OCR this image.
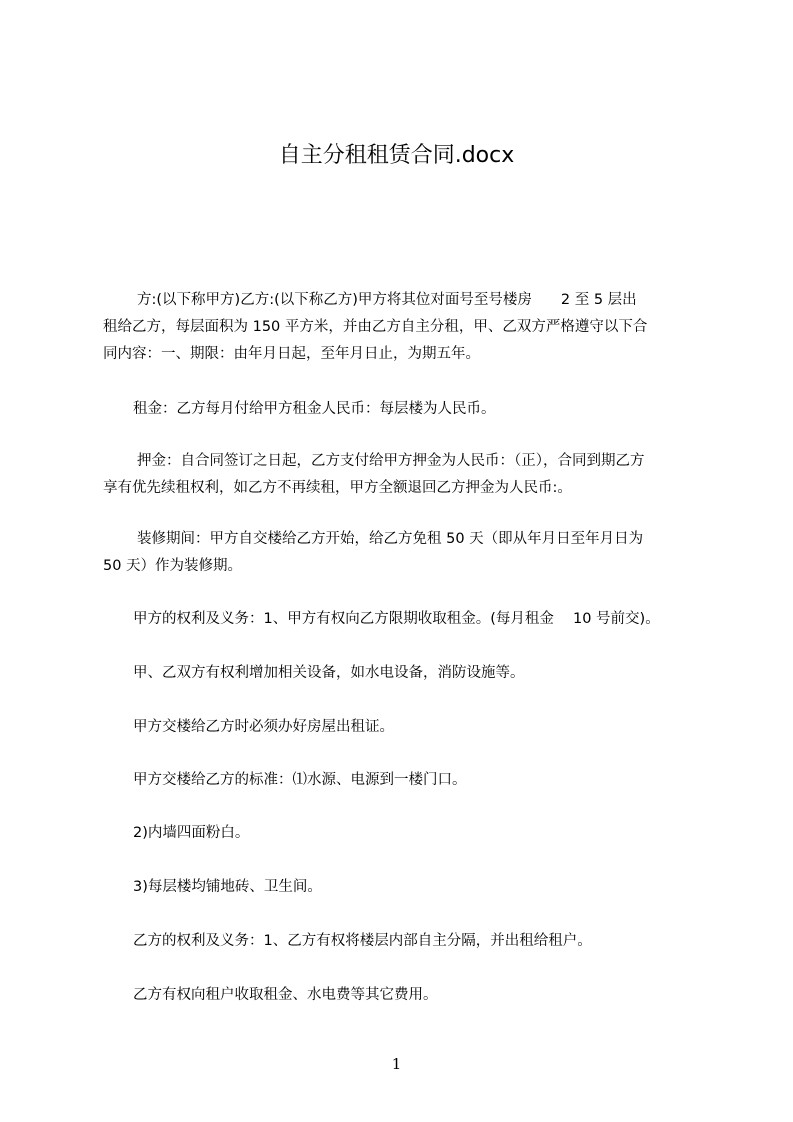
自主分租租赁合同.docx
方:(以下称甲方)乙方:(以下称乙方)甲方将其位对面号至号楼房　　2 至 5 层出
租给乙方，每层面积为 150 平方米，并由乙方自主分租，甲、乙双方严格遵守以下合
同内容：一、期限：由年月日起，至年月日止，为期五年。
租金：乙方每月付给甲方租金人民币：每层楼为人民币。
押金：自合同签订之日起，乙方支付给甲方押金为人民币：（正），合同到期乙方
享有优先续租权利，如乙方不再续租，甲方全额退回乙方押金为人民币:。
装修期间：甲方自交楼给乙方开始，给乙方免租 50 天（即从年月日至年月日为
50 天）作为装修期。
甲方的权利及义务：1、甲方有权向乙方限期收取租金。(每月租金　 10 号前交)。
甲、乙双方有权利增加相关设备，如水电设备，消防设施等。
甲方交楼给乙方时必须办好房屋出租证。
甲方交楼给乙方的标准：⑴水源、电源到一楼门口。
2)内墙四面粉白。
3)每层楼均铺地砖、卫生间。
乙方的权利及义务：1、乙方有权将楼层内部自主分隔，并出租给租户。
乙方有权向租户收取租金、水电费等其它费用。
1
